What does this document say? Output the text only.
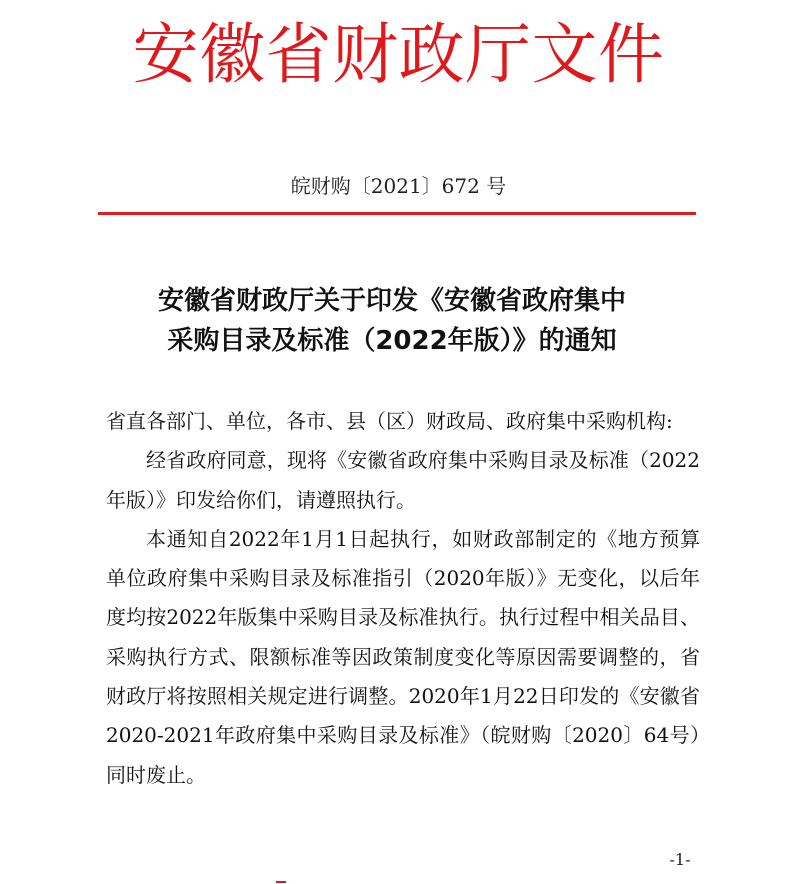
安徽省财政厅文件
皖财购〔2021〕672 号
安徽省财政厅关于印发《安徽省政府集中
采购目录及标准（2022年版）》的通知

省直各部门、单位，各市、县（区）财政局、政府集中采购机构:

经省政府同意，现将《安徽省政府集中采购目录及标准（2022年版）》印发给你们，请遵照执行。

本通知自2022年1月1日起执行，如财政部制定的《地方预算单位政府集中采购目录及标准指引（2020年版）》无变化，以后年度均按2022年版集中采购目录及标准执行。执行过程中相关品目、采购执行方式、限额标准等因政策制度变化等原因需要调整的，省财政厅将按照相关规定进行调整。2020年1月22日印发的《安徽省2020-2021年政府集中采购目录及标准》（皖财购〔2020〕64号）同时废止。

-1-
